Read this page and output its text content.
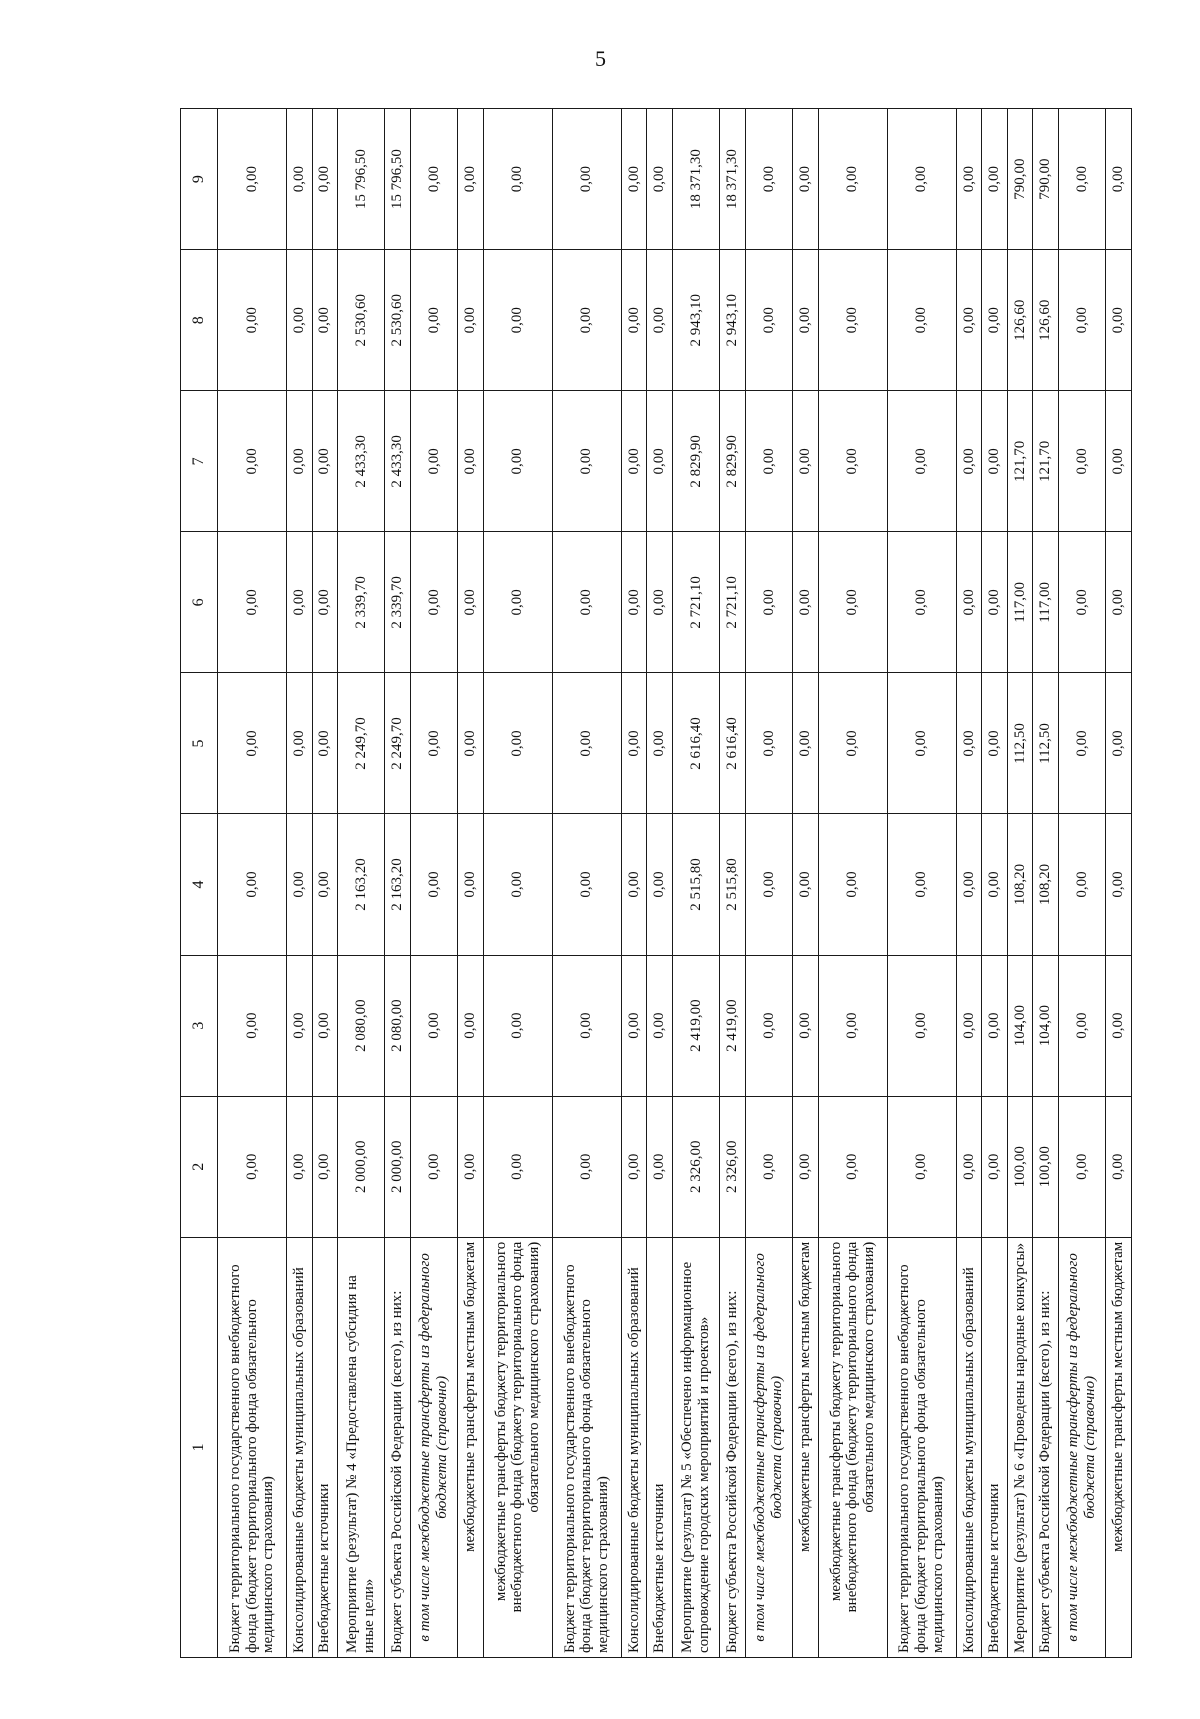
5
1	2	3	4	5	6	7	8	9
Бюджет территориального государственного внебюджетного фонда (бюджет территориального фонда обязательного медицинского страхования)	0,00	0,00	0,00	0,00	0,00	0,00	0,00	0,00
Консолидированные бюджеты муниципальных образований	0,00	0,00	0,00	0,00	0,00	0,00	0,00	0,00
Внебюджетные источники	0,00	0,00	0,00	0,00	0,00	0,00	0,00	0,00
Мероприятие (результат) № 4 «Предоставлена субсидия на иные цели»	2 000,00	2 080,00	2 163,20	2 249,70	2 339,70	2 433,30	2 530,60	15 796,50
Бюджет субъекта Российской Федерации (всего), из них:	2 000,00	2 080,00	2 163,20	2 249,70	2 339,70	2 433,30	2 530,60	15 796,50
в том числе межбюджетные трансферты из федерального бюджета (справочно)	0,00	0,00	0,00	0,00	0,00	0,00	0,00	0,00
межбюджетные трансферты местным бюджетам	0,00	0,00	0,00	0,00	0,00	0,00	0,00	0,00
межбюджетные трансферты бюджету территориального внебюджетного фонда (бюджету территориального фонда обязательного медицинского страхования)	0,00	0,00	0,00	0,00	0,00	0,00	0,00	0,00
Бюджет территориального государственного внебюджетного фонда (бюджет территориального фонда обязательного медицинского страхования)	0,00	0,00	0,00	0,00	0,00	0,00	0,00	0,00
Консолидированные бюджеты муниципальных образований	0,00	0,00	0,00	0,00	0,00	0,00	0,00	0,00
Внебюджетные источники	0,00	0,00	0,00	0,00	0,00	0,00	0,00	0,00
Мероприятие (результат) № 5 «Обеспечено информационное сопровождение городских мероприятий и проектов»	2 326,00	2 419,00	2 515,80	2 616,40	2 721,10	2 829,90	2 943,10	18 371,30
Бюджет субъекта Российской Федерации (всего), из них:	2 326,00	2 419,00	2 515,80	2 616,40	2 721,10	2 829,90	2 943,10	18 371,30
в том числе межбюджетные трансферты из федерального бюджета (справочно)	0,00	0,00	0,00	0,00	0,00	0,00	0,00	0,00
межбюджетные трансферты местным бюджетам	0,00	0,00	0,00	0,00	0,00	0,00	0,00	0,00
межбюджетные трансферты бюджету территориального внебюджетного фонда (бюджету территориального фонда обязательного медицинского страхования)	0,00	0,00	0,00	0,00	0,00	0,00	0,00	0,00
Бюджет территориального государственного внебюджетного фонда (бюджет территориального фонда обязательного медицинского страхования)	0,00	0,00	0,00	0,00	0,00	0,00	0,00	0,00
Консолидированные бюджеты муниципальных образований	0,00	0,00	0,00	0,00	0,00	0,00	0,00	0,00
Внебюджетные источники	0,00	0,00	0,00	0,00	0,00	0,00	0,00	0,00
Мероприятие (результат) № 6 «Проведены народные конкурсы»	100,00	104,00	108,20	112,50	117,00	121,70	126,60	790,00
Бюджет субъекта Российской Федерации (всего), из них:	100,00	104,00	108,20	112,50	117,00	121,70	126,60	790,00
в том числе межбюджетные трансферты из федерального бюджета (справочно)	0,00	0,00	0,00	0,00	0,00	0,00	0,00	0,00
межбюджетные трансферты местным бюджетам	0,00	0,00	0,00	0,00	0,00	0,00	0,00	0,00
